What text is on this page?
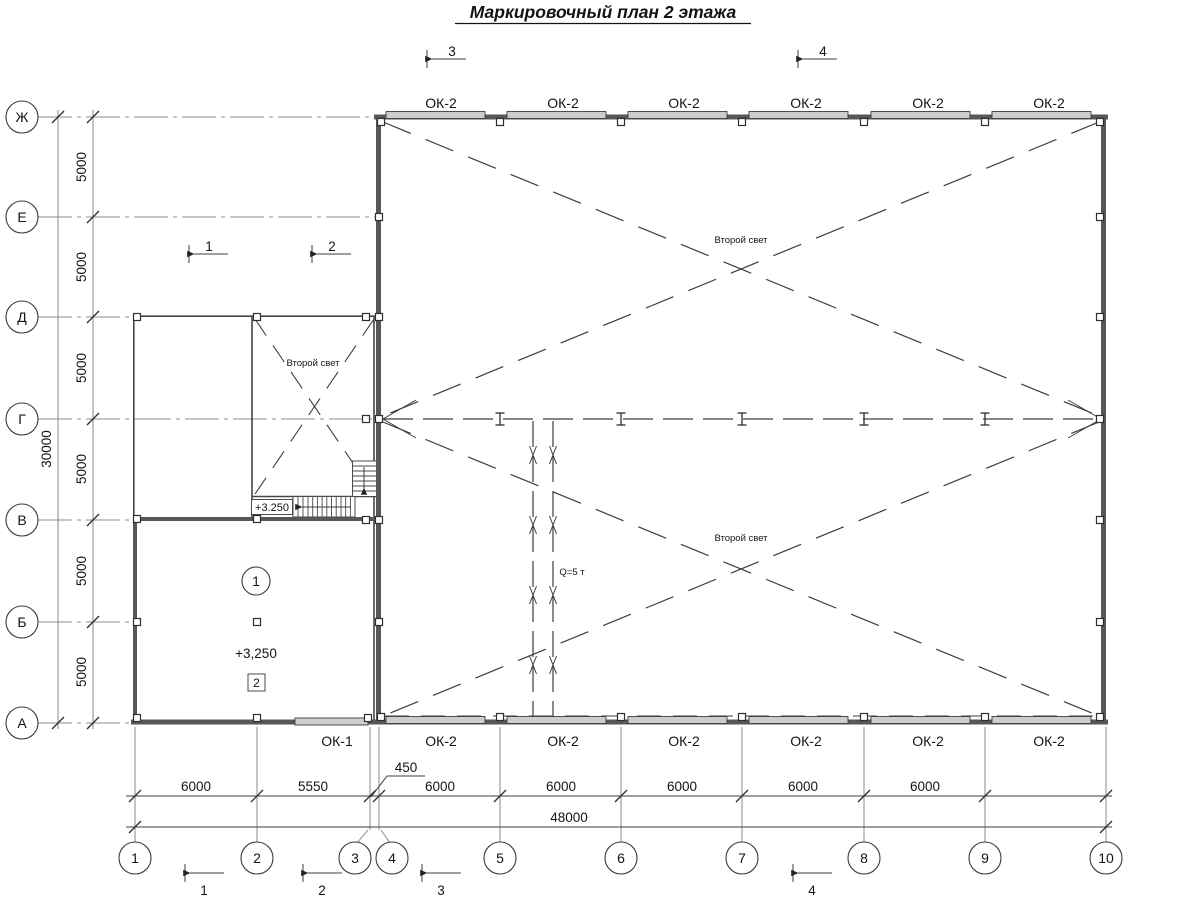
Маркировочный план 2 этажа
+3.250
1
+3,250
2
Второй свет
Второй свет
Второй свет
Q=5 т
ОК-2	ОК-2	ОК-2	ОК-2	ОК-2	ОК-2
ОК-1	ОК-2	ОК-2	ОК-2	ОК-2	ОК-2	ОК-2
3	4
1	2
1	2	3	4
5000
5000
5000
5000
5000
5000
30000
Ж
Е
Д
Г
В
Б
А
6000	5550
450
6000	6000	6000	6000	6000
48000
1	2	3 4	5	6	7	8	9	10
